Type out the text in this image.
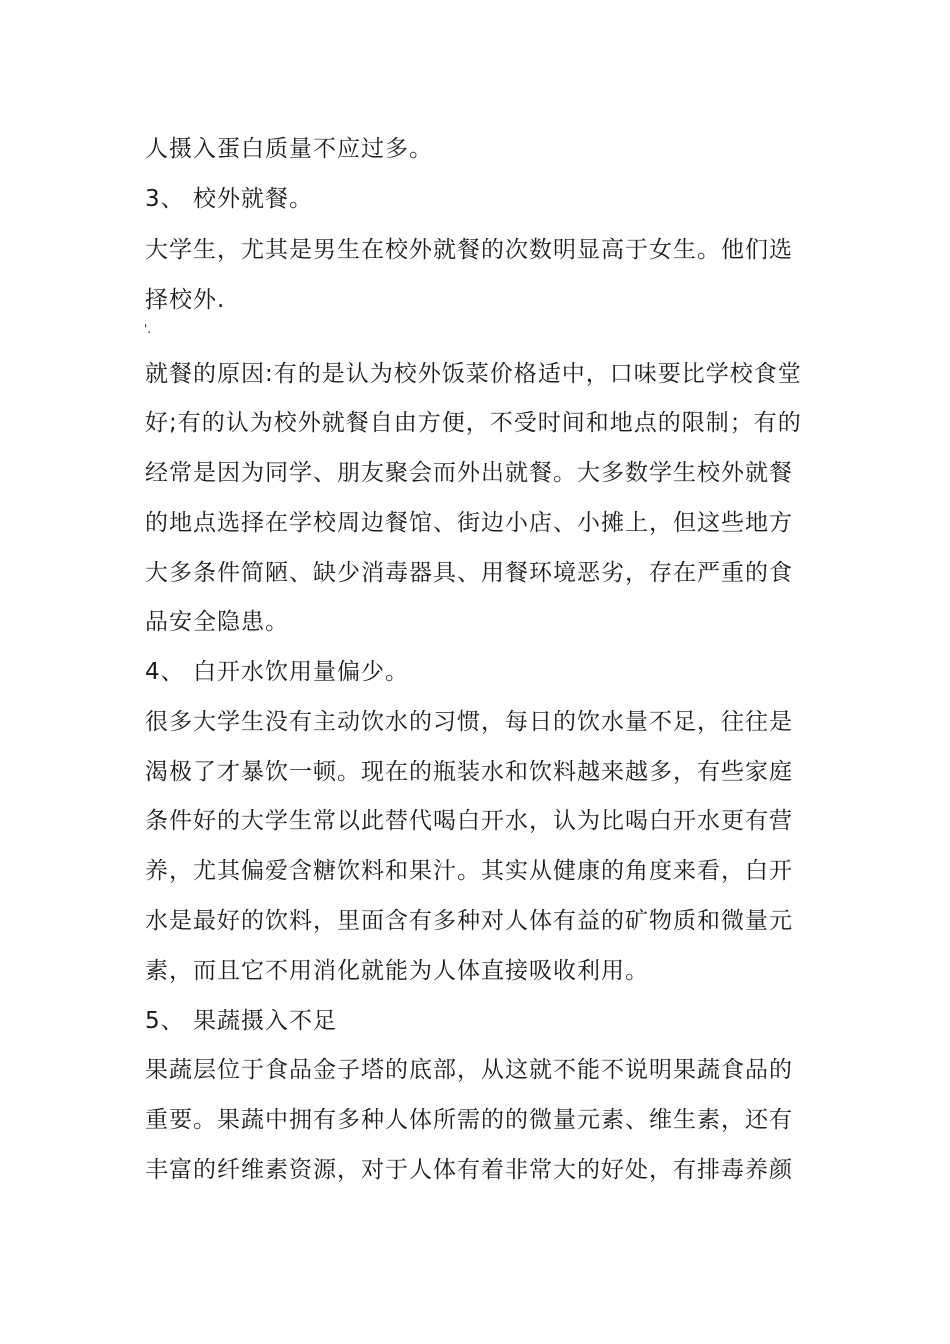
人摄入蛋白质量不应过多。
3、 校外就餐。
大学生，尤其是男生在校外就餐的次数明显高于女生。他们选
择校外.
'.
就餐的原因:有的是认为校外饭菜价格适中，口味要比学校食堂
好;有的认为校外就餐自由方便，不受时间和地点的限制；有的
经常是因为同学、朋友聚会而外出就餐。大多数学生校外就餐
的地点选择在学校周边餐馆、街边小店、小摊上，但这些地方
大多条件简陋、缺少消毒器具、用餐环境恶劣，存在严重的食
品安全隐患。
4、 白开水饮用量偏少。
很多大学生没有主动饮水的习惯，每日的饮水量不足，往往是
渴极了才暴饮一顿。现在的瓶装水和饮料越来越多，有些家庭
条件好的大学生常以此替代喝白开水，认为比喝白开水更有营
养，尤其偏爱含糖饮料和果汁。其实从健康的角度来看，白开
水是最好的饮料，里面含有多种对人体有益的矿物质和微量元
素，而且它不用消化就能为人体直接吸收利用。
5、 果蔬摄入不足
果蔬层位于食品金子塔的底部，从这就不能不说明果蔬食品的
重要。果蔬中拥有多种人体所需的的微量元素、维生素，还有
丰富的纤维素资源，对于人体有着非常大的好处，有排毒养颜
